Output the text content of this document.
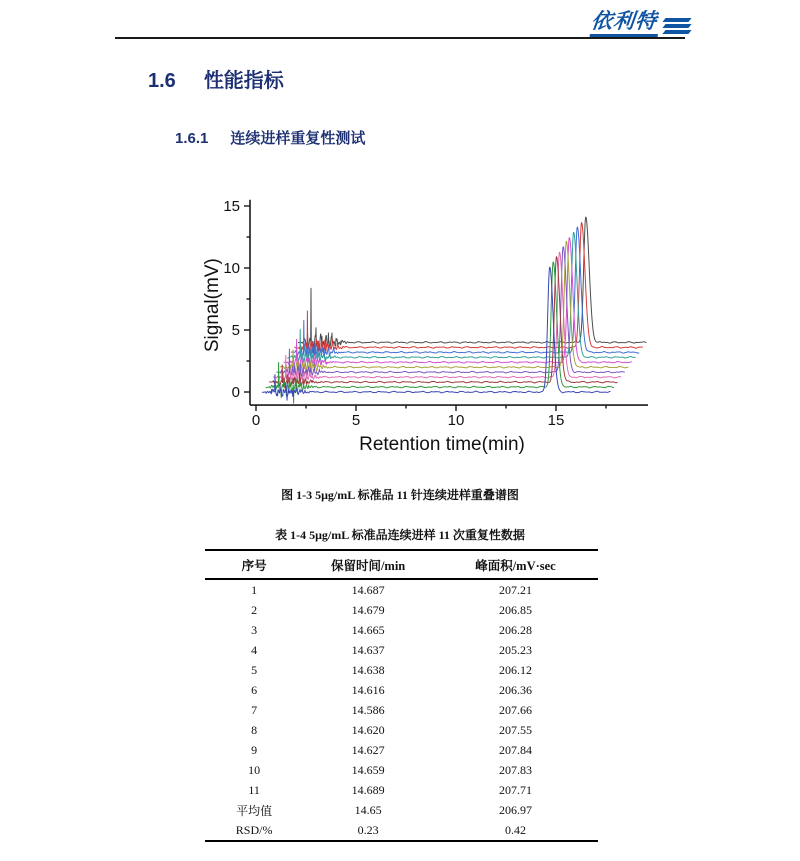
依利特
1.6 性能指标
1.6.1 连续进样重复性测试
0	5	10	15
0
5
10
15
Retention time(min)
Signal(mV)
图 1-3 5μg/mL 标准品 11 针连续进样重叠谱图
表 1-4 5μg/mL 标准品连续进样 11 次重复性数据
序号	保留时间/min	峰面积/mV·sec
1	14.687	207.21
2	14.679	206.85
3	14.665	206.28
4	14.637	205.23
5	14.638	206.12
6	14.616	206.36
7	14.586	207.66
8	14.620	207.55
9	14.627	207.84
10	14.659	207.83
11	14.689	207.71
平均值	14.65	206.97
RSD/%	0.23	0.42
